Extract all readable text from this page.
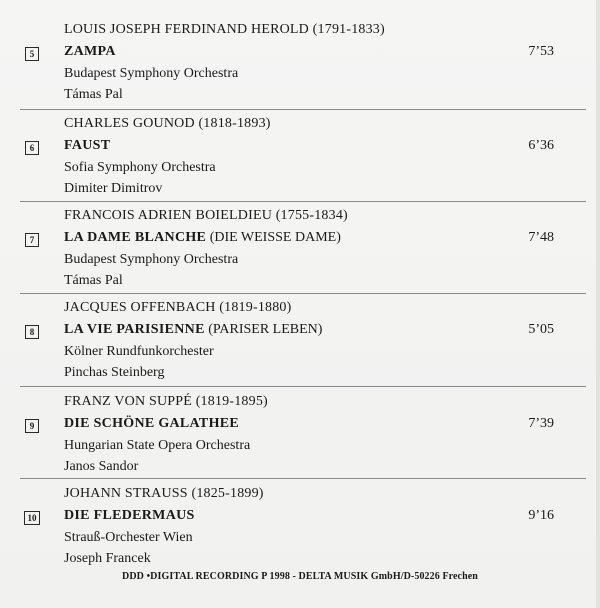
LOUIS JOSEPH FERDINAND HEROLD (1791-1833)
5	ZAMPA	7’53
Budapest Symphony Orchestra
Támas Pal
CHARLES GOUNOD (1818-1893)
6	FAUST	6’36
Sofia Symphony Orchestra
Dimiter Dimitrov
FRANCOIS ADRIEN BOIELDIEU (1755-1834)
7	LA DAME BLANCHE (DIE WEISSE DAME)	7’48
Budapest Symphony Orchestra
Támas Pal
JACQUES OFFENBACH (1819-1880)
8	LA VIE PARISIENNE (PARISER LEBEN)	5’05
Kölner Rundfunkorchester
Pinchas Steinberg
FRANZ VON SUPPÉ (1819-1895)
9	DIE SCHÖNE GALATHEE	7’39
Hungarian State Opera Orchestra
Janos Sandor
JOHANN STRAUSS (1825-1899)
10 DIE FLEDERMAUS	9’16
Strauß-Orchester Wien
Joseph Francek
DDD •DIGITAL RECORDING P 1998 - DELTA MUSIK GmbH/D-50226 Frechen
